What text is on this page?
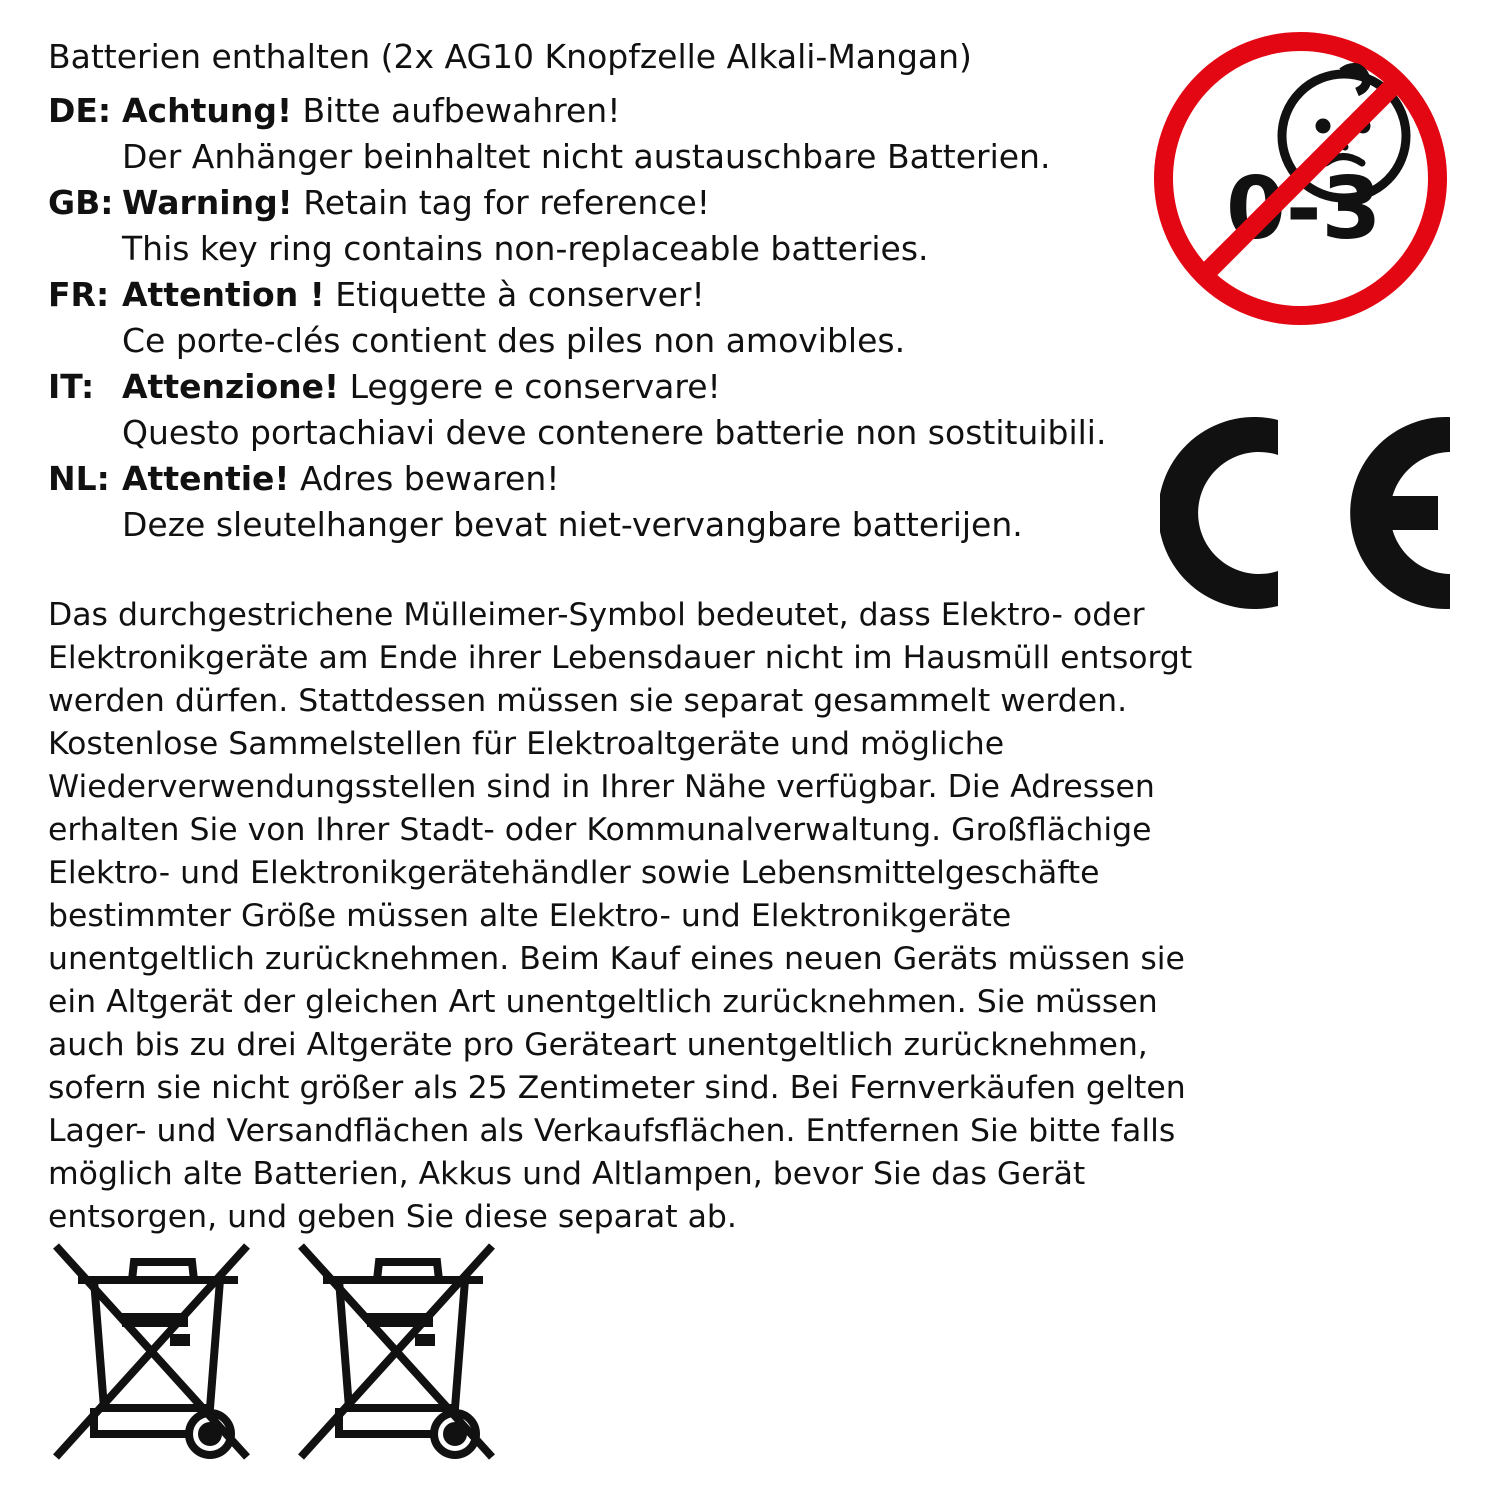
Batterien enthalten (2x AG10 Knopfzelle Alkali-Mangan)
DE: Achtung! Bitte aufbewahren!
Der Anhänger beinhaltet nicht austauschbare Batterien.
GB: Warning! Retain tag for reference!
This key ring contains non-replaceable batteries.
FR: Attention ! Etiquette à conserver!
Ce porte-clés contient des piles non amovibles.
IT: Attenzione! Leggere e conservare!
Questo portachiavi deve contenere batterie non sostituibili.
NL: Attentie! Adres bewaren!
Deze sleutelhanger bevat niet-vervangbare batterijen.
Das durchgestrichene Mülleimer-Symbol bedeutet, dass Elektro- oder Elektronikgeräte am Ende ihrer Lebensdauer nicht im Hausmüll entsorgt werden dürfen. Stattdessen müssen sie separat gesammelt werden. Kostenlose Sammelstellen für Elektroaltgeräte und mögliche Wiederverwendungsstellen sind in Ihrer Nähe verfügbar. Die Adressen erhalten Sie von Ihrer Stadt- oder Kommunalverwaltung. Großflächige Elektro- und Elektronikgerätehändler sowie Lebensmittelgeschäfte bestimmter Größe müssen alte Elektro- und Elektronikgeräte unentgeltlich zurücknehmen. Beim Kauf eines neuen Geräts müssen sie ein Altgerät der gleichen Art unentgeltlich zurücknehmen. Sie müssen auch bis zu drei Altgeräte pro Geräteart unentgeltlich zurücknehmen, sofern sie nicht größer als 25 Zentimeter sind. Bei Fernverkäufen gelten Lager- und Versandflächen als Verkaufsflächen. Entfernen Sie bitte falls möglich alte Batterien, Akkus und Altlampen, bevor Sie das Gerät entsorgen, und geben Sie diese separat ab.
0-3
